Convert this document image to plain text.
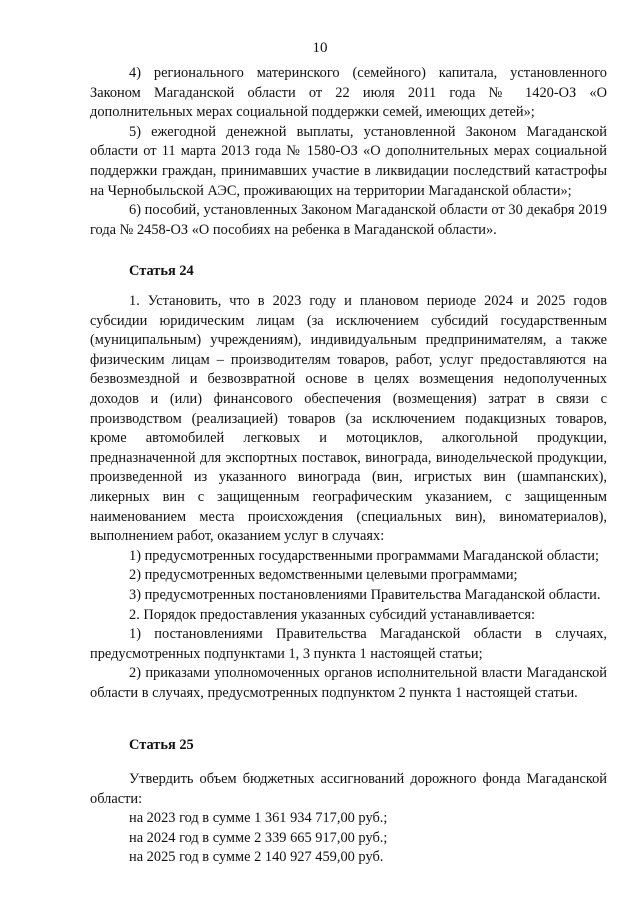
10

4) регионального материнского (семейного) капитала, установленного Законом Магаданской области от 22 июля 2011 года № 1420-ОЗ «О дополнительных мерах социальной поддержки семей, имеющих детей»;

5) ежегодной денежной выплаты, установленной Законом Магаданской области от 11 марта 2013 года № 1580-ОЗ «О дополнительных мерах социальной поддержки граждан, принимавших участие в ликвидации последствий катастрофы на Чернобыльской АЭС, проживающих на территории Магаданской области»;

6) пособий, установленных Законом Магаданской области от 30 декабря 2019 года № 2458-ОЗ «О пособиях на ребенка в Магаданской области».

Статья 24

1. Установить, что в 2023 году и плановом периоде 2024 и 2025 годов субсидии юридическим лицам (за исключением субсидий государственным (муниципальным) учреждениям), индивидуальным предпринимателям, а также физическим лицам – производителям товаров, работ, услуг предоставляются на безвозмездной и безвозвратной основе в целях возмещения недополученных доходов и (или) финансового обеспечения (возмещения) затрат в связи с производством (реализацией) товаров (за исключением подакцизных товаров, кроме автомобилей легковых и мотоциклов, алкогольной продукции, предназначенной для экспортных поставок, винограда, винодельческой продукции, произведенной из указанного винограда (вин, игристых вин (шампанских), ликерных вин с защищенным географическим указанием, с защищенным наименованием места происхождения (специальных вин), виноматериалов), выполнением работ, оказанием услуг в случаях:

1) предусмотренных государственными программами Магаданской области;

2) предусмотренных ведомственными целевыми программами;

3) предусмотренных постановлениями Правительства Магаданской области.

2. Порядок предоставления указанных субсидий устанавливается:

1) постановлениями Правительства Магаданской области в случаях, предусмотренных подпунктами 1, 3 пункта 1 настоящей статьи;

2) приказами уполномоченных органов исполнительной власти Магаданской области в случаях, предусмотренных подпунктом 2 пункта 1 настоящей статьи.

Статья 25

Утвердить объем бюджетных ассигнований дорожного фонда Магаданской области:

на 2023 год в сумме 1 361 934 717,00 руб.;

на 2024 год в сумме 2 339 665 917,00 руб.;

на 2025 год в сумме 2 140 927 459,00 руб.
